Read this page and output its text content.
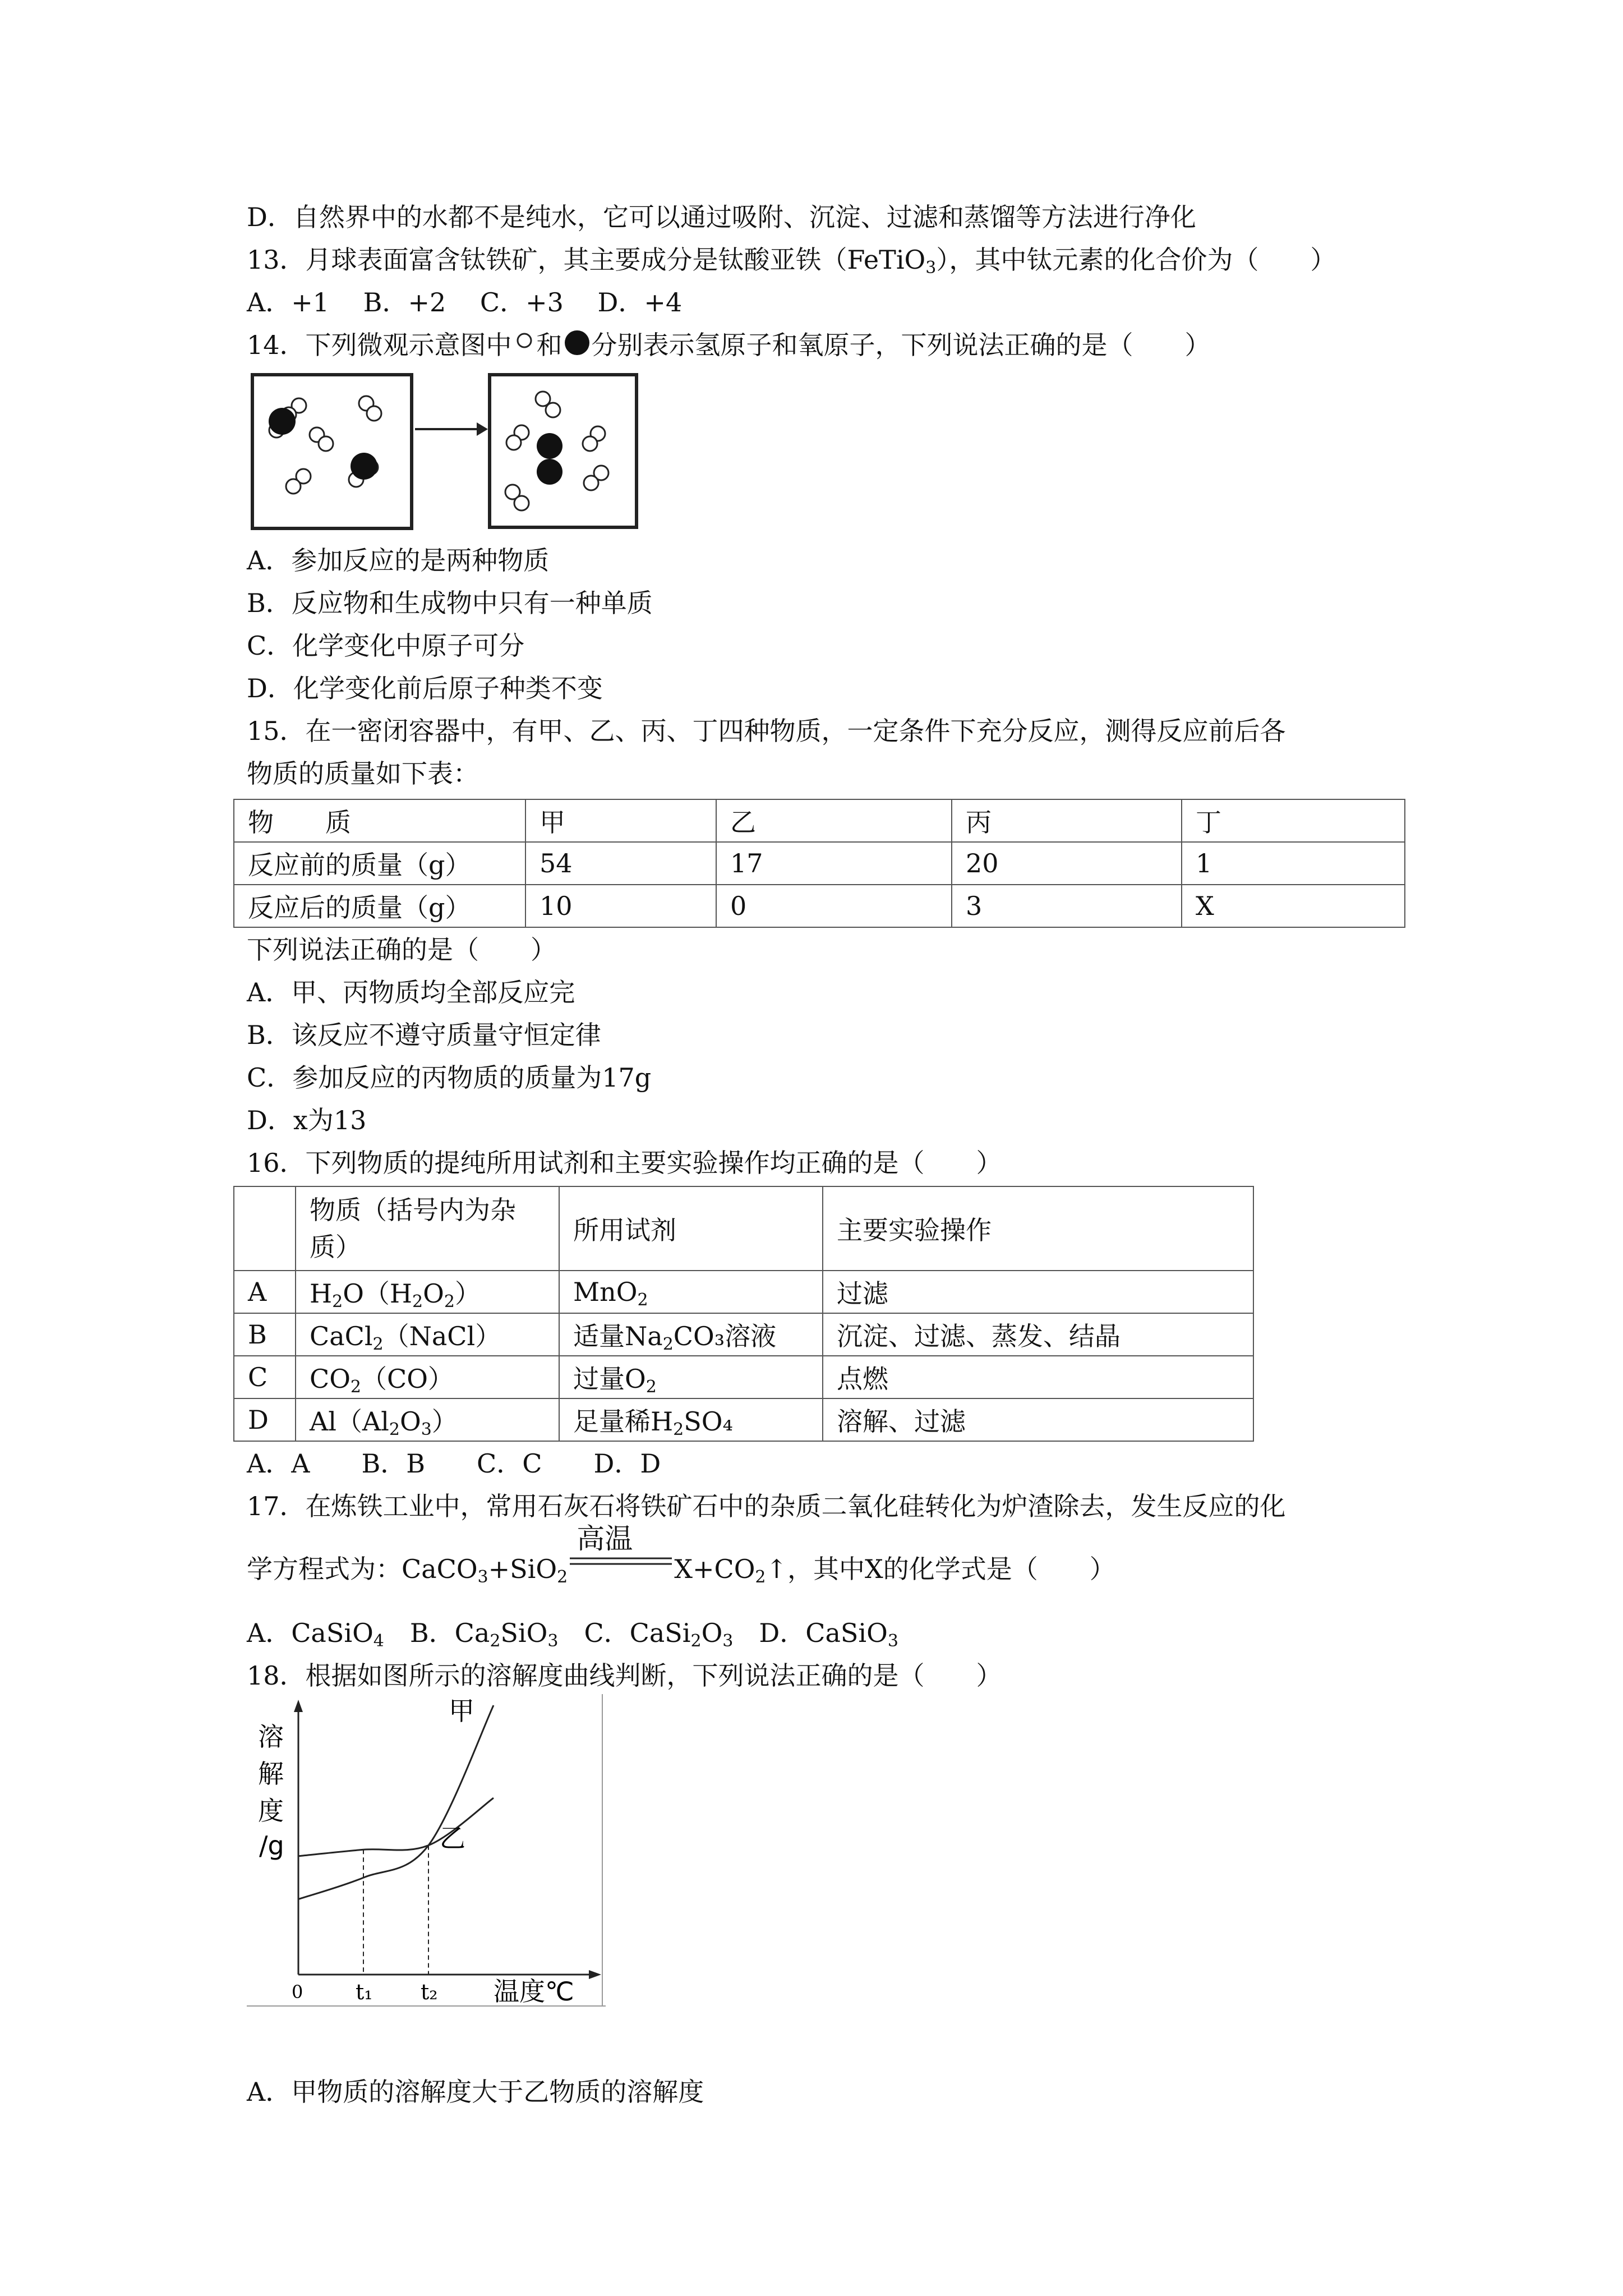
D．自然界中的水都不是纯水，它可以通过吸附、沉淀、过滤和蒸馏等方法进行净化
13．月球表面富含钛铁矿，其主要成分是钛酸亚铁（FeTiO$_3$），其中钛元素的化合价为（　　）
A．+1　 B．+2　 C．+3　 D．+4
14．下列微观示意图中 和 分别表示氢原子和氧原子，下列说法正确的是（　　）
A．参加反应的是两种物质
B．反应物和生成物中只有一种单质
C．化学变化中原子可分
D．化学变化前后原子种类不变
15．在一密闭容器中，有甲、乙、丙、丁四种物质，一定条件下充分反应，测得反应前后各
物质的质量如下表：
物　　质	甲	乙	丙	丁
反应前的质量（g）	54	17	20	1
反应后的质量（g）	10	0	3	X
下列说法正确的是（　　）
A．甲、丙物质均全部反应完
B．该反应不遵守质量守恒定律
C．参加反应的丙物质的质量为17g
D．x为13
16．下列物质的提纯所用试剂和主要实验操作均正确的是（　　）

	物质（括号内为杂
质）	所用试剂	主要实验操作
A	$H_2O(H_2O_2)$	MnO$_2$	过滤
B	CaCl$_2$（NaCl）	适量$Na_2CO_3$溶液	沉淀、过滤、蒸发、结晶
C	$CO_2(CO)$	过量$O_2$	点燃
D	$Al(Al_2O_3)$	足量稀$H_2SO_4$	溶解、过滤
A．A　　B．B　　C．C　　D．D
17．在炼铁工业中，常用石灰石将铁矿石中的杂质二氧化硅转化为炉渣除去，发生反应的化
学方程式为：CaCO$_3$+SiO$_2$
高温
$X+CO_2↑$，其中X的化学式是（　　）
A．CaSiO$_4$　B．$Ca_2SiO_3$　C．$CaSi_2O_3$　D．CaSiO$_3$
18．根据如图所示的溶解度曲线判断，下列说法正确的是（　　）
溶解度/g
温度℃
0
甲
乙
t₁ t₂
A．甲物质的溶解度大于乙物质的溶解度
